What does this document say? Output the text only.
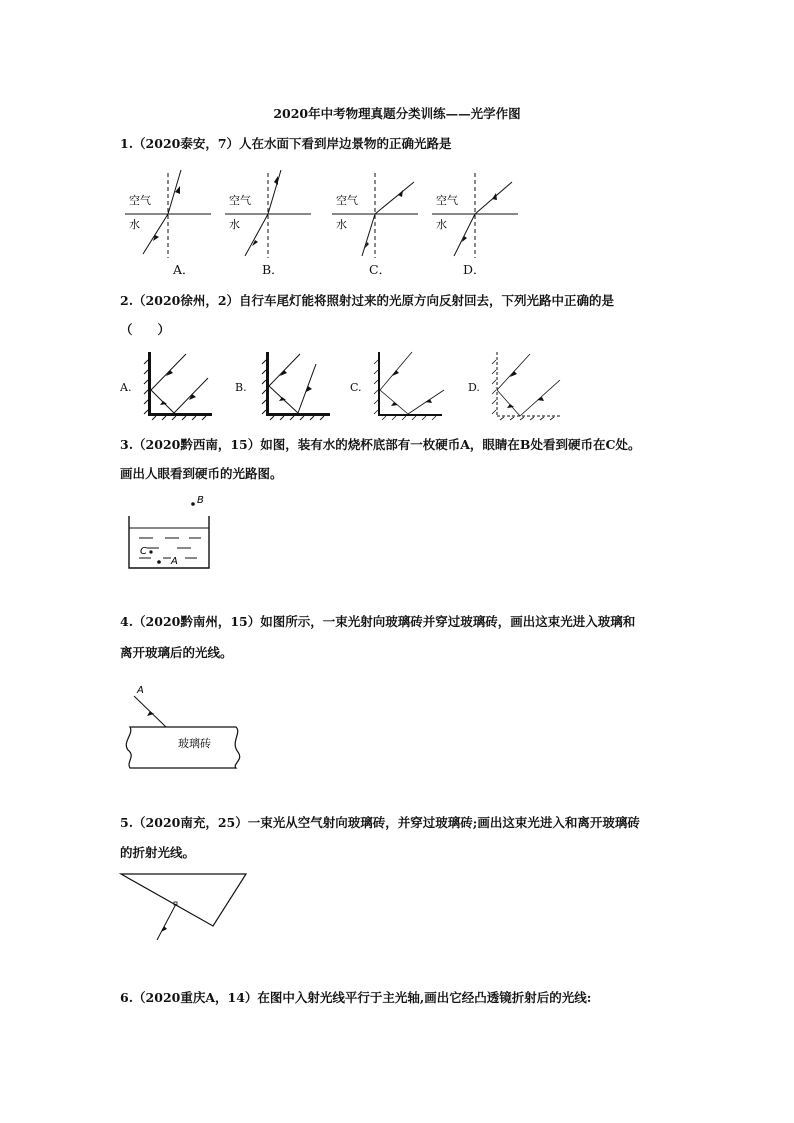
2020年中考物理真题分类训练——光学作图
1.（2020泰安，7）人在水面下看到岸边景物的正确光路是
空气
水
A．
空气
水
B．
空气
水
C．
空气
水
D．
2.（2020徐州，2）自行车尾灯能将照射过来的光原方向反射回去，下列光路中正确的是
（　　）
A.	B.	C.	D.
3.（2020黔西南，15）如图，装有水的烧杯底部有一枚硬币A，眼睛在B处看到硬币在C处。
画出人眼看到硬币的光路图。
B
C
A
4.（2020黔南州，15）如图所示，一束光射向玻璃砖并穿过玻璃砖，画出这束光进入玻璃和
离开玻璃后的光线。
A
玻璃砖
5.（2020南充，25）一束光从空气射向玻璃砖，并穿过玻璃砖;画出这束光进入和离开玻璃砖
的折射光线。
6.（2020重庆A，14）在图中入射光线平行于主光轴,画出它经凸透镜折射后的光线:
